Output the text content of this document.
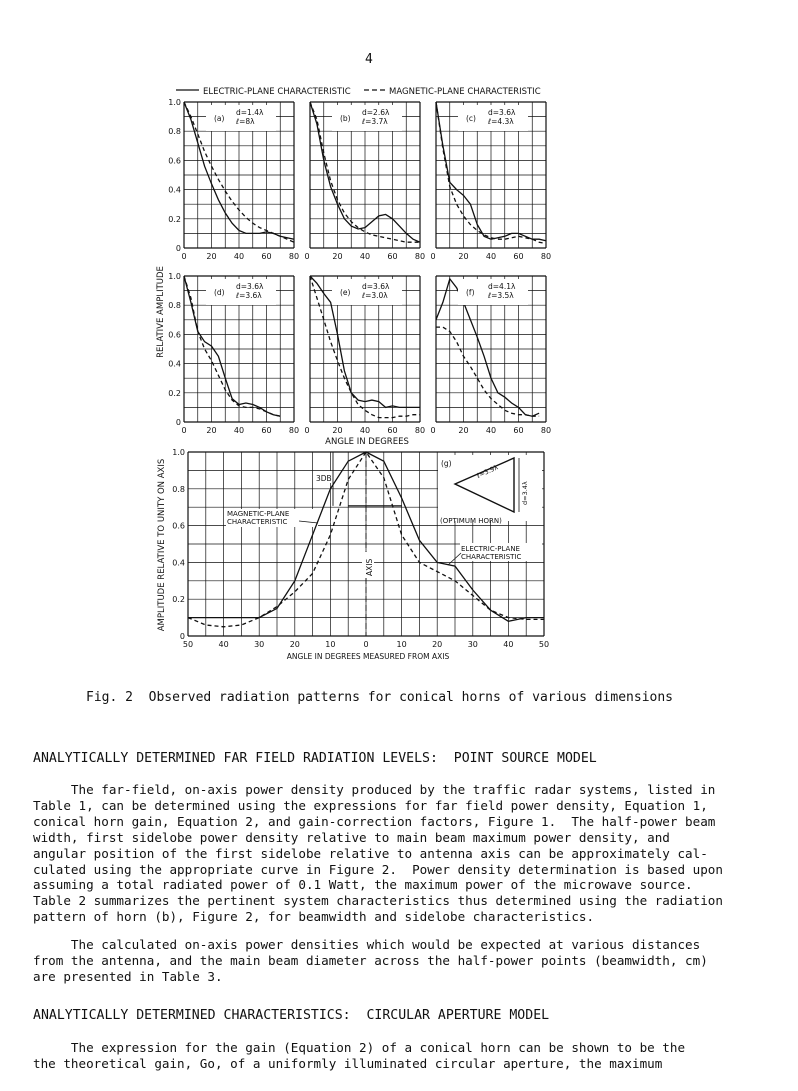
4
ELECTRIC-PLANE CHARACTERISTIC	MAGNETIC-PLANE CHARACTERISTIC
RELATIVE AMPLITUDE
ANGLE IN DEGREES
AMPLITUDE RELATIVE TO UNITY ON AXIS
ANGLE IN DEGREES MEASURED FROM AXIS
1.0
0.8
0.6
0.4
0.2
0
0 20 40 60 80
(a)
d=1.4λ
ℓ=8λ
20 40 60 80
0
(b)
d=2.6λ
ℓ=3.7λ
20 40 60 80
0
(c)
d=3.6λ
ℓ=4.3λ
1.0
0.8
0.6
0.4
0.2
0
0 20 40 60 80
(d)
d=3.6λ
ℓ=3.6λ
20 40 60 80
0
(e)
d=3.6λ
ℓ=3.0λ
20 40 60 80
0
(f)
d=4.1λ
ℓ=3.5λ
1.0
0.8
0.6
0.4
0.2
0
50	40	30	20	10	0	10	20	30	40	50
3DB
MAGNETIC-PLANE
CHARACTERISTIC
ELECTRIC-PLANE
CHARACTERISTIC
AXIS
(g)	ℓ=3.9λ
d=3.4λ
(OPTIMUM HORN)
Fig. 2  Observed radiation patterns for conical horns of various dimensions
ANALYTICALLY DETERMINED FAR FIELD RADIATION LEVELS:  POINT SOURCE MODEL
The far-field, on-axis power density produced by the traffic radar systems, listed in
Table 1, can be determined using the expressions for far field power density, Equation 1,
conical horn gain, Equation 2, and gain-correction factors, Figure 1.  The half-power beam
width, first sidelobe power density relative to main beam maximum power density, and
angular position of the first sidelobe relative to antenna axis can be approximately cal-
culated using the appropriate curve in Figure 2.  Power density determination is based upon
assuming a total radiated power of 0.1 Watt, the maximum power of the microwave source.
Table 2 summarizes the pertinent system characteristics thus determined using the radiation
pattern of horn (b), Figure 2, for beamwidth and sidelobe characteristics.
The calculated on-axis power densities which would be expected at various distances
from the antenna, and the main beam diameter across the half-power points (beamwidth, cm)
are presented in Table 3.
ANALYTICALLY DETERMINED CHARACTERISTICS:  CIRCULAR APERTURE MODEL
The expression for the gain (Equation 2) of a conical horn can be shown to be the
the theoretical gain, Go, of a uniformly illuminated circular aperture, the maximum
